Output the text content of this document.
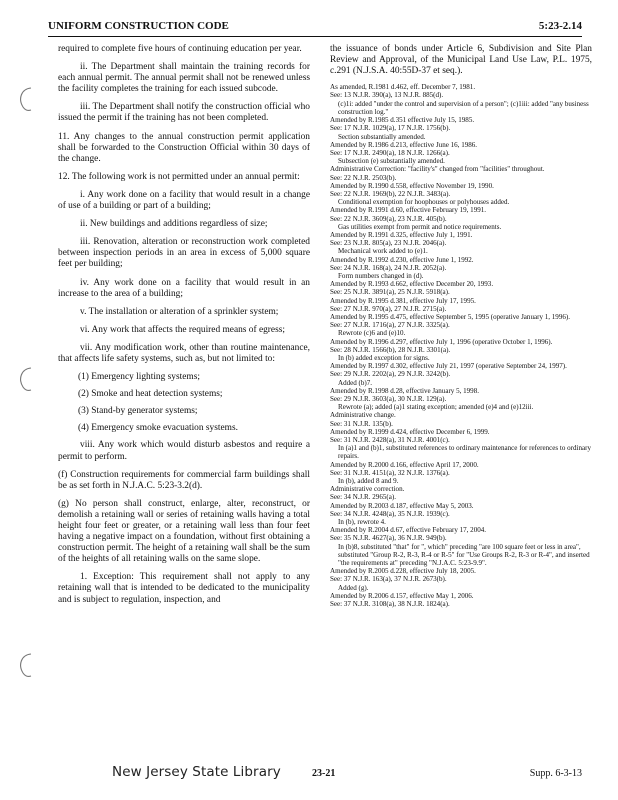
UNIFORM CONSTRUCTION CODE	5:23-2.14

required to complete five hours of continuing education per year.

ii. The Department shall maintain the training records for each annual permit. The annual permit shall not be renewed unless the facility completes the training for each issued subcode.

iii. The Department shall notify the construction official who issued the permit if the training has not been completed.

11. Any changes to the annual construction permit application shall be forwarded to the Construction Official within 30 days of the change.

12. The following work is not permitted under an annual permit:

i. Any work done on a facility that would result in a change of use of a building or part of a building;

ii. New buildings and additions regardless of size;

iii. Renovation, alteration or reconstruction work completed between inspection periods in an area in excess of 5,000 square feet per building;

iv. Any work done on a facility that would result in an increase to the area of a building;

v. The installation or alteration of a sprinkler system;

vi. Any work that affects the required means of egress;

vii. Any modification work, other than routine maintenance, that affects life safety systems, such as, but not limited to:

(1) Emergency lighting systems;

(2) Smoke and heat detection systems;

(3) Stand-by generator systems;

(4) Emergency smoke evacuation systems.

viii. Any work which would disturb asbestos and require a permit to perform.

(f) Construction requirements for commercial farm buildings shall be as set forth in N.J.A.C. 5:23-3.2(d).

(g) No person shall construct, enlarge, alter, reconstruct, or demolish a retaining wall or series of retaining walls having a total height four feet or greater, or a retaining wall less than four feet having a negative impact on a foundation, without first obtaining a construction permit. The height of a retaining wall shall be the sum of the heights of all retaining walls on the same slope.

1. Exception: This requirement shall not apply to any retaining wall that is intended to be dedicated to the municipality and is subject to regulation, inspection, and

the issuance of bonds under Article 6, Subdivision and Site Plan Review and Approval, of the Municipal Land Use Law, P.L. 1975, c.291 (N.J.S.A. 40:55D-37 et seq.).

As amended, R.1981 d.462, eff. December 7, 1981.

See: 13 N.J.R. 390(a), 13 N.J.R. 885(d).

(c)1i: added "under the control and supervision of a person"; (c)1iii: added "any business construction log."

Amended by R.1985 d.351 effective July 15, 1985.

See: 17 N.J.R. 1029(a), 17 N.J.R. 1756(b).

Section substantially amended.

Amended by R.1986 d.213, effective June 16, 1986.

See: 17 N.J.R. 2490(a), 18 N.J.R. 1266(a).

Subsection (e) substantially amended.

Administrative Correction: "facility's" changed from "facilities" throughout.

See: 22 N.J.R. 2503(b).

Amended by R.1990 d.558, effective November 19, 1990.

See: 22 N.J.R. 1969(b), 22 N.J.R. 3483(a).

Conditional exemption for hoophouses or polyhouses added.

Amended by R.1991 d.60, effective February 19, 1991.

See: 22 N.J.R. 3609(a), 23 N.J.R. 405(b).

Gas utilities exempt from permit and notice requirements.

Amended by R.1991 d.325, effective July 1, 1991.

See: 23 N.J.R. 805(a), 23 N.J.R. 2046(a).

Mechanical work added to (e)1.

Amended by R.1992 d.230, effective June 1, 1992.

See: 24 N.J.R. 168(a), 24 N.J.R. 2052(a).

Form numbers changed in (d).

Amended by R.1993 d.662, effective December 20, 1993.

See: 25 N.J.R. 3891(a), 25 N.J.R. 5918(a).

Amended by R.1995 d.381, effective July 17, 1995.

See: 27 N.J.R. 970(a), 27 N.J.R. 2715(a).

Amended by R.1995 d.475, effective September 5, 1995 (operative January 1, 1996).

See: 27 N.J.R. 1716(a), 27 N.J.R. 3325(a).

Rewrote (c)6 and (e)10.

Amended by R.1996 d.297, effective July 1, 1996 (operative October 1, 1996).

See: 28 N.J.R. 1566(b), 28 N.J.R. 3301(a).

In (b) added exception for signs.

Amended by R.1997 d.302, effective July 21, 1997 (operative September 24, 1997).

See: 29 N.J.R. 2202(a), 29 N.J.R. 3242(b).

Added (b)7.

Amended by R.1998 d.28, effective January 5, 1998.

See: 29 N.J.R. 3603(a), 30 N.J.R. 129(a).

Rewrote (a); added (a)1 stating exception; amended (e)4 and (e)12iii.

Administrative change.

See: 31 N.J.R. 135(b).

Amended by R.1999 d.424, effective December 6, 1999.

See: 31 N.J.R. 2428(a), 31 N.J.R. 4001(c).

In (a)1 and (b)1, substituted references to ordinary maintenance for references to ordinary repairs.

Amended by R.2000 d.166, effective April 17, 2000.

See: 31 N.J.R. 4151(a), 32 N.J.R. 1376(a).

In (b), added 8 and 9.

Administrative correction.

See: 34 N.J.R. 2965(a).

Amended by R.2003 d.187, effective May 5, 2003.

See: 34 N.J.R. 4248(a), 35 N.J.R. 1939(c).

In (b), rewrote 4.

Amended by R.2004 d.67, effective February 17, 2004.

See: 35 N.J.R. 4627(a), 36 N.J.R. 949(b).

In (b)8, substituted "that" for ", which" preceding "are 100 square feet or less in area", substituted "Group R-2, R-3, R-4 or R-5" for "Use Groups R-2, R-3 or R-4", and inserted "the requirements at" preceding "N.J.A.C. 5:23-9.9".

Amended by R.2005 d.228, effective July 18, 2005.

See: 37 N.J.R. 163(a), 37 N.J.R. 2673(b).

Added (g).

Amended by R.2006 d.157, effective May 1, 2006.

See: 37 N.J.R. 3108(a), 38 N.J.R. 1824(a).

New Jersey State Library	23-21	Supp. 6-3-13
